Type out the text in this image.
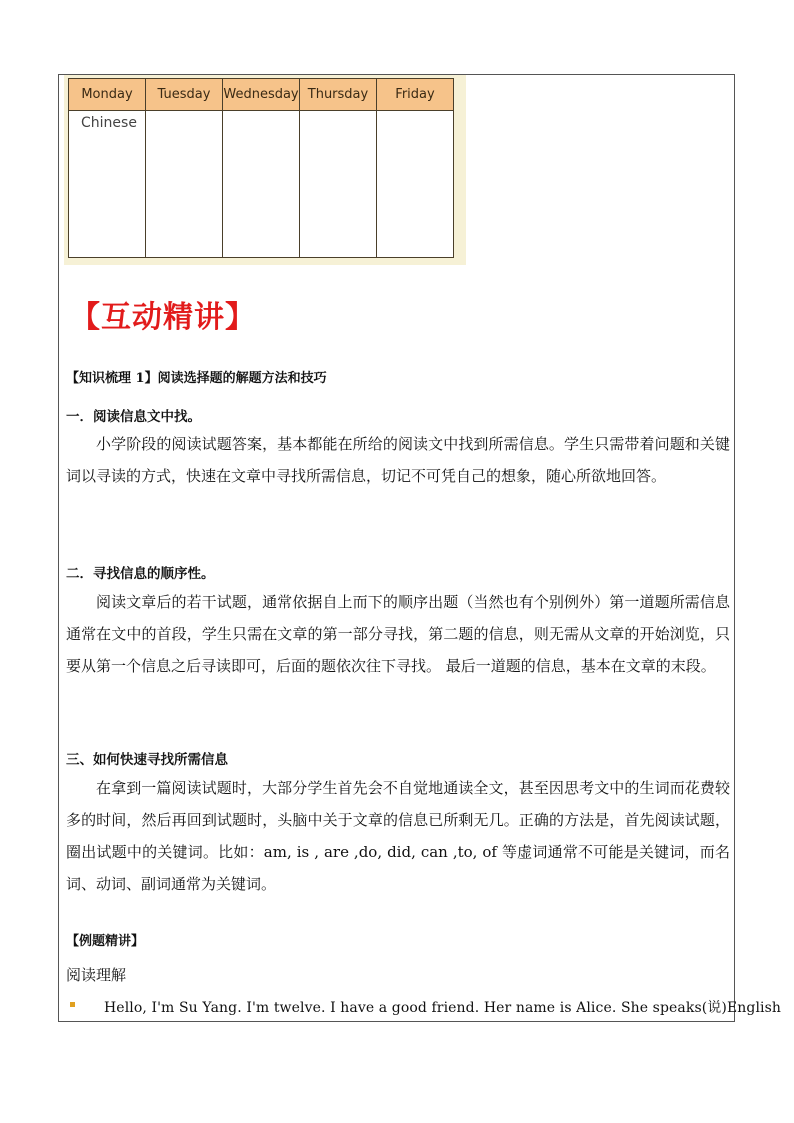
Monday	Tuesday	Wednesday	Thursday	Friday
Chinese				
【互动精讲】
【知识梳理 1】阅读选择题的解题方法和技巧
一．阅读信息文中找。
小学阶段的阅读试题答案，基本都能在所给的阅读文中找到所需信息。学生只需带着问题和关键词以寻读的方式，快速在文章中寻找所需信息，切记不可凭自己的想象，随心所欲地回答。
二．寻找信息的顺序性。
阅读文章后的若干试题，通常依据自上而下的顺序出题（当然也有个别例外）第一道题所需信息通常在文中的首段，学生只需在文章的第一部分寻找，第二题的信息，则无需从文章的开始浏览，只要从第一个信息之后寻读即可，后面的题依次往下寻找。 最后一道题的信息，基本在文章的末段。
三、如何快速寻找所需信息
在拿到一篇阅读试题时，大部分学生首先会不自觉地通读全文，甚至因思考文中的生词而花费较多的时间，然后再回到试题时，头脑中关于文章的信息已所剩无几。正确的方法是，首先阅读试题，圈出试题中的关键词。比如：am, is , are ,do, did, can ,to, of 等虚词通常不可能是关键词，而名词、动词、副词通常为关键词。
【例题精讲】
阅读理解
Hello, I'm Su Yang. I'm twelve. I have a good friend. Her name is Alice. She speaks(说)English
